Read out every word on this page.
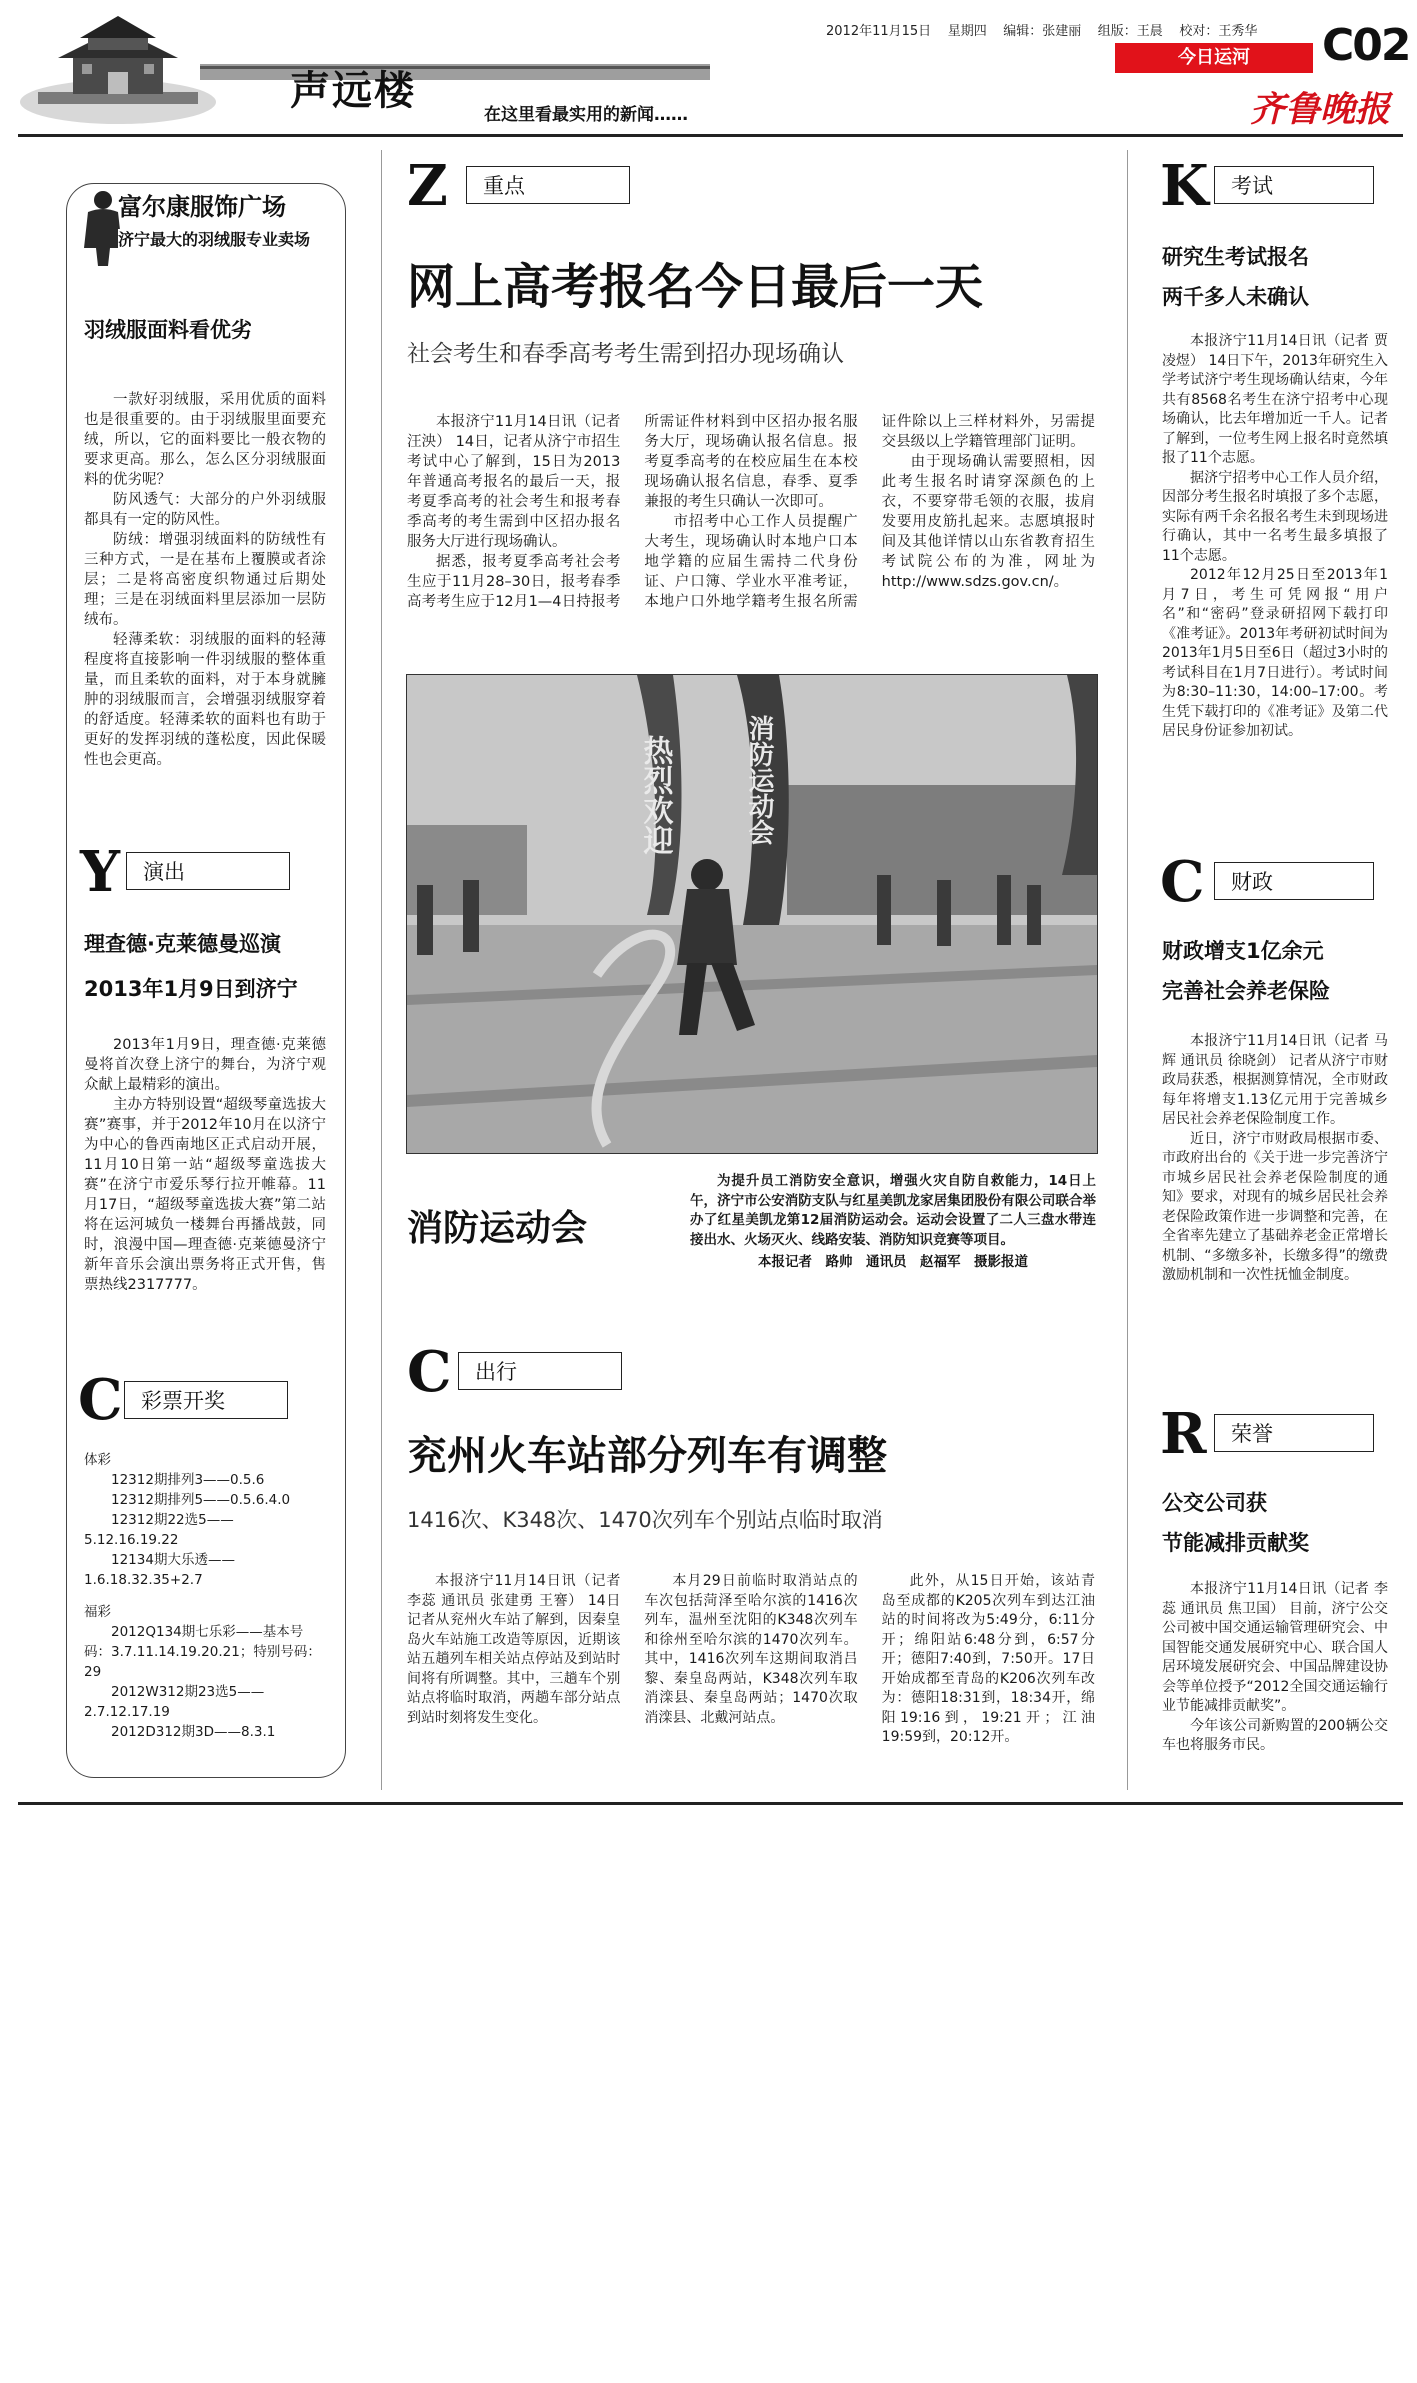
声远楼
在这里看最实用的新闻……
2012年11月15日 星期四 编辑：张建丽 组版：王晨 校对：王秀华
今日运河	C02
齐鲁晚报
富尔康服饰广场
济宁最大的羽绒服专业卖场
羽绒服面料看优劣

一款好羽绒服，采用优质的面料也是很重要的。由于羽绒服里面要充绒，所以，它的面料要比一般衣物的要求更高。那么，怎么区分羽绒服面料的优劣呢？

防风透气：大部分的户外羽绒服都具有一定的防风性。

防绒：增强羽绒面料的防绒性有三种方式，一是在基布上覆膜或者涂层；二是将高密度织物通过后期处理；三是在羽绒面料里层添加一层防绒布。

轻薄柔软：羽绒服的面料的轻薄程度将直接影响一件羽绒服的整体重量，而且柔软的面料，对于本身就臃肿的羽绒服而言，会增强羽绒服穿着的舒适度。轻薄柔软的面料也有助于更好的发挥羽绒的蓬松度，因此保暖性也会更高。

Y	演出
理查德·克莱德曼巡演
2013年1月9日到济宁

2013年1月9日，理查德·克莱德曼将首次登上济宁的舞台，为济宁观众献上最精彩的演出。

主办方特别设置“超级琴童选拔大赛”赛事，并于2012年10月在以济宁为中心的鲁西南地区正式启动开展，11月10日第一站“超级琴童选拔大赛”在济宁市爱乐琴行拉开帷幕。11月17日，“超级琴童选拔大赛”第二站将在运河城负一楼舞台再播战鼓，同时，浪漫中国—理查德·克莱德曼济宁新年音乐会演出票务将正式开售，售票热线2317777。

C 彩票开奖

体彩

12312期排列3——0.5.6

12312期排列5——0.5.6.4.0

12312期22选5——5.12.16.19.22

12134期大乐透——1.6.18.32.35+2.7

福彩

2012Q134期七乐彩——基本号码：3.7.11.14.19.20.21；特别号码：29

2012W312期23选5——2.7.12.17.19

2012D312期3D——8.3.1

Z	重点
网上高考报名今日最后一天
社会考生和春季高考考生需到招办现场确认

本报济宁11月14日讯（记者 汪泱） 14日，记者从济宁市招生考试中心了解到，15日为2013年普通高考报名的最后一天，报考夏季高考的社会考生和报考春季高考的考生需到中区招办报名服务大厅进行现场确认。

据悉，报考夏季高考社会考生应于11月28–30日，报考春季高考考生应于12月1—4日持报考所需证件材料到中区招办报名服务大厅，现场确认报名信息。报考夏季高考的在校应届生在本校现场确认报名信息，春季、夏季兼报的考生只确认一次即可。

市招考中心工作人员提醒广大考生，现场确认时本地户口本地学籍的应届生需持二代身份证、户口簿、学业水平准考证，本地户口外地学籍考生报名所需证件除以上三样材料外，另需提交县级以上学籍管理部门证明。

由于现场确认需要照相，因此考生报名时请穿深颜色的上衣，不要穿带毛领的衣服，拔肩发要用皮筋扎起来。志愿填报时间及其他详情以山东省教育招生考试院公布的为准，网址为http://www.sdzs.gov.cn/。

热烈欢迎	消防运动会
消防运动会

为提升员工消防安全意识，增强火灾自防自救能力，14日上午，济宁市公安消防支队与红星美凯龙家居集团股份有限公司联合举办了红星美凯龙第12届消防运动会。运动会设置了二人三盘水带连接出水、火场灭火、线路安装、消防知识竞赛等项目。

本报记者　路帅　通讯员　赵福军　摄影报道

C	出行
兖州火车站部分列车有调整
1416次、K348次、1470次列车个别站点临时取消

本报济宁11月14日讯（记者 李蕊 通讯员 张建勇 王謇） 14日记者从兖州火车站了解到，因秦皇岛火车站施工改造等原因，近期该站五趟列车相关站点停站及到站时间将有所调整。其中，三趟车个别站点将临时取消，两趟车部分站点到站时刻将发生变化。

本月29日前临时取消站点的车次包括菏泽至哈尔滨的1416次列车，温州至沈阳的K348次列车和徐州至哈尔滨的1470次列车。其中，1416次列车这期间取消吕黎、秦皇岛两站，K348次列车取消滦县、秦皇岛两站；1470次取消滦县、北戴河站点。

此外，从15日开始，该站青岛至成都的K205次列车到达江油站的时间将改为5:49分，6:11分开；绵阳站6:48分到，6:57分开；德阳7:40到，7:50开。17日开始成都至青岛的K206次列车改为：德阳18:31到，18:34开，绵阳19:16到，19:21开；江油19:59到，20:12开。

K	考试
研究生考试报名
两千多人未确认

本报济宁11月14日讯（记者 贾凌煜） 14日下午，2013年研究生入学考试济宁考生现场确认结束，今年共有8568名考生在济宁招考中心现场确认，比去年增加近一千人。记者了解到，一位考生网上报名时竟然填报了11个志愿。

据济宁招考中心工作人员介绍，因部分考生报名时填报了多个志愿，实际有两千余名报名考生未到现场进行确认，其中一名考生最多填报了11个志愿。

2012年12月25日至2013年1月7日，考生可凭网报“用户名”和“密码”登录研招网下载打印《准考证》。2013年考研初试时间为2013年1月5日至6日（超过3小时的考试科目在1月7日进行）。考试时间为8:30–11:30，14:00–17:00。考生凭下载打印的《准考证》及第二代居民身份证参加初试。

C	财政
财政增支1亿余元
完善社会养老保险

本报济宁11月14日讯（记者 马辉 通讯员 徐晓剑） 记者从济宁市财政局获悉，根据测算情况，全市财政每年将增支1.13亿元用于完善城乡居民社会养老保险制度工作。

近日，济宁市财政局根据市委、市政府出台的《关于进一步完善济宁市城乡居民社会养老保险制度的通知》要求，对现有的城乡居民社会养老保险政策作进一步调整和完善，在全省率先建立了基础养老金正常增长机制、“多缴多补，长缴多得”的缴费激励机制和一次性抚恤金制度。

R	荣誉
公交公司获
节能减排贡献奖

本报济宁11月14日讯（记者 李蕊 通讯员 焦卫国） 目前，济宁公交公司被中国交通运输管理研究会、中国智能交通发展研究中心、联合国人居环境发展研究会、中国品牌建设协会等单位授予“2012全国交通运输行业节能减排贡献奖”。

今年该公司新购置的200辆公交车也将服务市民。
